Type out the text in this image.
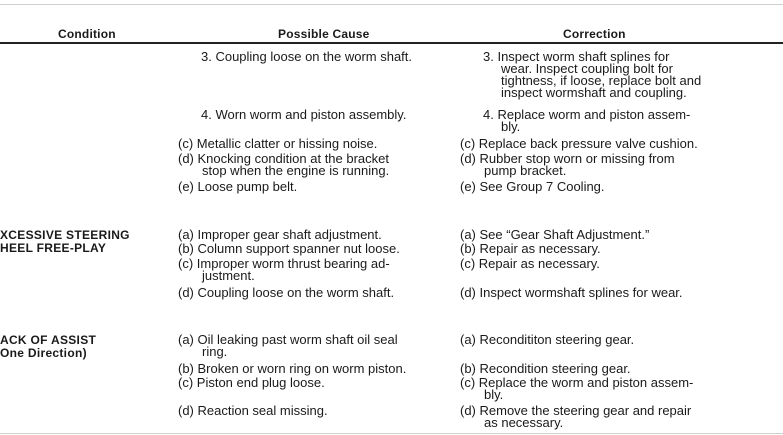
Condition	Possible Cause	Correction
3. Coupling loose on the worm shaft.
4. Worn worm and piston assembly.
(c) Metallic clatter or hissing noise.
(d) Knocking condition at the bracket
stop when the engine is running.
(e) Loose pump belt.
3. Inspect worm shaft splines for
wear. Inspect coupling bolt for
tightness, if loose, replace bolt and
inspect wormshaft and coupling.
4. Replace worm and piston assem-
bly.
(c) Replace back pressure valve cushion.
(d) Rubber stop worn or missing from
pump bracket.
(e) See Group 7 Cooling.
XCESSIVE STEERING
HEEL FREE-PLAY
(a) Improper gear shaft adjustment.
(b) Column support spanner nut loose.
(c) Improper worm thrust bearing ad-
justment.
(d) Coupling loose on the worm shaft.
(a) See “Gear Shaft Adjustment.”
(b) Repair as necessary.
(c) Repair as necessary.
(d) Inspect wormshaft splines for wear.
ACK OF ASSIST
One Direction)
(a) Oil leaking past worm shaft oil seal
ring.
(b) Broken or worn ring on worm piston.
(c) Piston end plug loose.
(d) Reaction seal missing.
(a) Recondititon steering gear.
(b) Recondition steering gear.
(c) Replace the worm and piston assem-
bly.
(d) Remove the steering gear and repair
as necessary.
